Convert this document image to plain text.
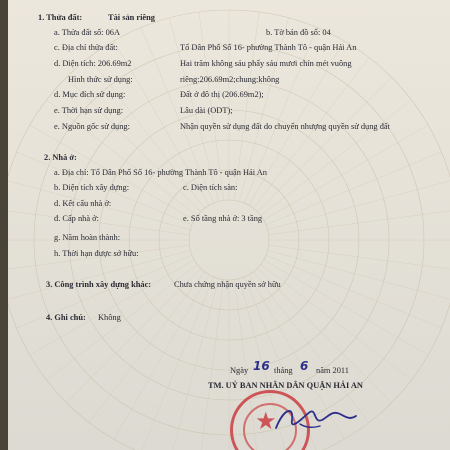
1. Thửa đất:	Tài sản riêng
a. Thửa đất số: 06A	b. Tờ bản đồ số: 04
c. Địa chỉ thửa đất:	Tổ Dân Phố Số 16- phường Thành Tô - quận Hải An
d. Diện tích: 206.69m2	Hai trăm không sáu phẩy sáu mươi chín mét vuông
Hình thức sử dụng:	riêng:206.69m2;chung:không
d. Mục đích sử dụng:	Đất ở đô thị (206.69m2);
e. Thời hạn sử dụng:	Lâu dài (ODT);
e. Nguồn gốc sử dụng:	Nhận quyền sử dụng đất do chuyển nhượng quyền sử dụng đất
2. Nhà ở:
a. Địa chỉ: Tổ Dân Phố Số 16- phường Thành Tô - quận Hải An
b. Diện tích xây dựng:	c. Diện tích sàn:
d. Kết cấu nhà ở:
đ. Cấp nhà ở:	e. Số tầng nhà ở: 3 tầng
g. Năm hoàn thành:
h. Thời hạn được sở hữu:
3. Công trình xây dựng khác:	Chưa chứng nhận quyền sở hữu
4. Ghi chú: Không
Ngày 16 tháng 6 năm 2011
TM. UỶ BAN NHÂN DÂN QUẬN HẢI AN
★
